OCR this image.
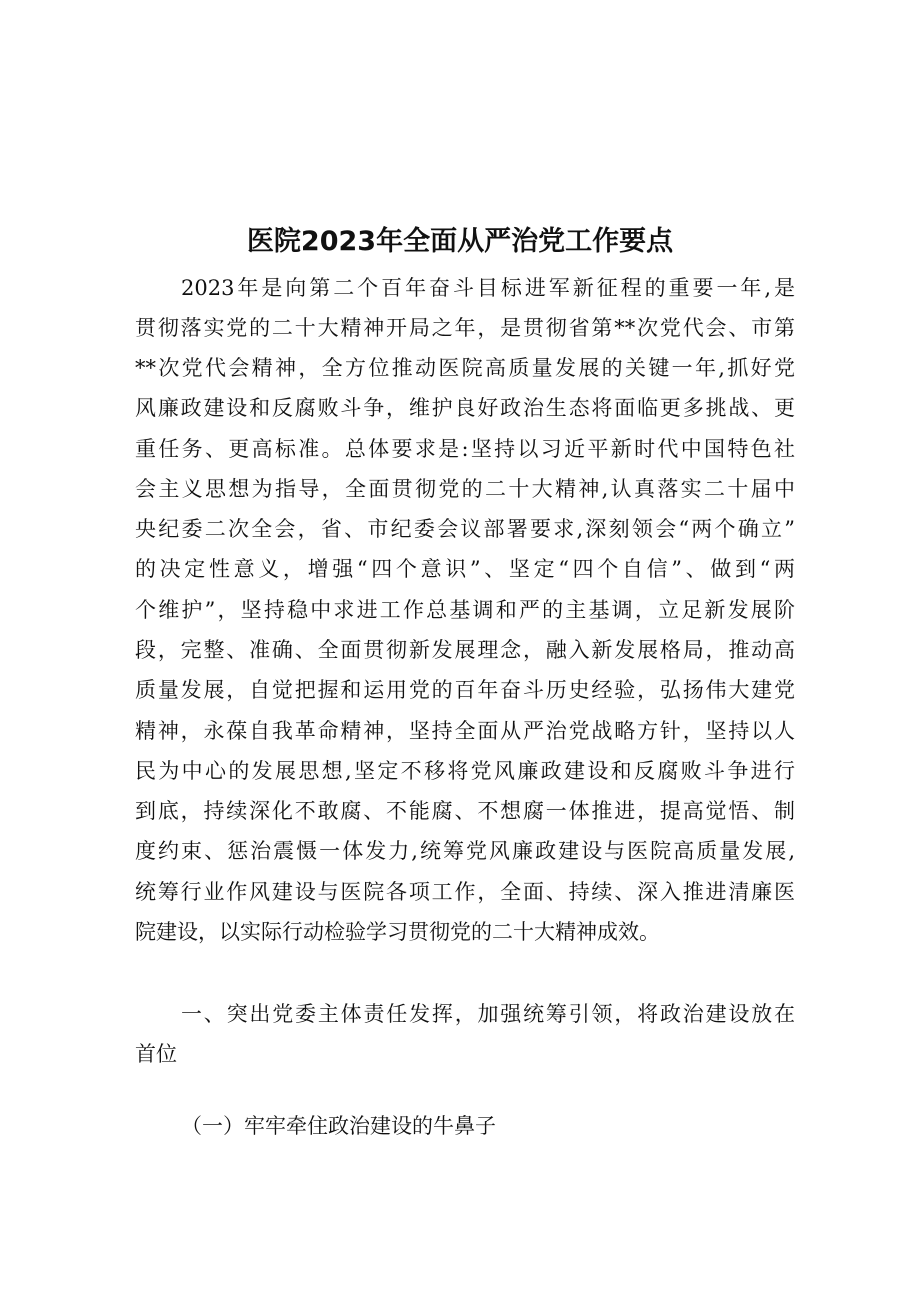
医院2023年全面从严治党工作要点

2023年是向第二个百年奋斗目标进军新征程的重要一年,是

贯彻落实党的二十大精神开局之年，是贯彻省第**次党代会、市第

**次党代会精神，全方位推动医院高质量发展的关键一年,抓好党

风廉政建设和反腐败斗争，维护良好政治生态将面临更多挑战、更

重任务、更高标准。总体要求是:坚持以习近平新时代中国特色社

会主义思想为指导，全面贯彻党的二十大精神,认真落实二十届中

央纪委二次全会，省、市纪委会议部署要求,深刻领会“两个确立”

的决定性意义，增强“四个意识”、坚定“四个自信”、做到“两

个维护”，坚持稳中求进工作总基调和严的主基调，立足新发展阶

段，完整、准确、全面贯彻新发展理念，融入新发展格局，推动高

质量发展，自觉把握和运用党的百年奋斗历史经验，弘扬伟大建党

精神，永葆自我革命精神，坚持全面从严治党战略方针，坚持以人

民为中心的发展思想,坚定不移将党风廉政建设和反腐败斗争进行

到底，持续深化不敢腐、不能腐、不想腐一体推进，提高觉悟、制

度约束、惩治震慑一体发力,统筹党风廉政建设与医院高质量发展,

统筹行业作风建设与医院各项工作，全面、持续、深入推进清廉医

院建设，以实际行动检验学习贯彻党的二十大精神成效。

一、突出党委主体责任发挥，加强统筹引领，将政治建设放在

首位

（一）牢牢牵住政治建设的牛鼻子
